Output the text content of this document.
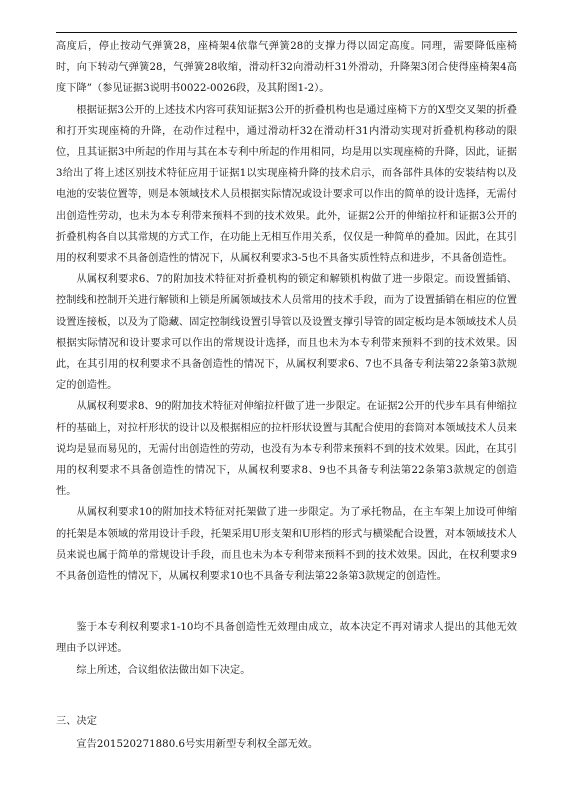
高度后，停止按动气弹簧28，座椅架4依靠气弹簧28的支撑力得以固定高度。同理，需要降低座椅时，向下转动气弹簧28，气弹簧28收缩，滑动杆32向滑动杆31外滑动，升降架3闭合使得座椅架4高度下降”（参见证据3说明书0022-0026段，及其附图1-2）。

根据证据3公开的上述技术内容可获知证据3公开的折叠机构也是通过座椅下方的X型交叉架的折叠和打开实现座椅的升降，在动作过程中，通过滑动杆32在滑动杆31内滑动实现对折叠机构移动的限位，且其证据3中所起的作用与其在本专利中所起的作用相同，均是用以实现座椅的升降，因此，证据3给出了将上述区别技术特征应用于证据1以实现座椅升降的技术启示，而各部件具体的安装结构以及电池的安装位置等，则是本领域技术人员根据实际情况或设计要求可以作出的简单的设计选择，无需付出创造性劳动，也未为本专利带来预料不到的技术效果。此外，证据2公开的伸缩拉杆和证据3公开的折叠机构各自以其常规的方式工作，在功能上无相互作用关系，仅仅是一种简单的叠加。因此，在其引用的权利要求不具备创造性的情况下，从属权利要求3-5也不具备实质性特点和进步，不具备创造性。

从属权利要求6、7的附加技术特征对折叠机构的锁定和解锁机构做了进一步限定。而设置插销、控制线和控制开关进行解锁和上锁是所属领域技术人员常用的技术手段，而为了设置插销在相应的位置设置连接板，以及为了隐藏、固定控制线设置引导管以及设置支撑引导管的固定板均是本领域技术人员根据实际情况和设计要求可以作出的常规设计选择，而且也未为本专利带来预料不到的技术效果。因此，在其引用的权利要求不具备创造性的情况下，从属权利要求6、7也不具备专利法第22条第3款规定的创造性。

从属权利要求8、9的附加技术特征对伸缩拉杆做了进一步限定。在证据2公开的代步车具有伸缩拉杆的基础上，对拉杆形状的设计以及根据相应的拉杆形状设置与其配合使用的套筒对本领域技术人员来说均是显而易见的，无需付出创造性的劳动，也没有为本专利带来预料不到的技术效果。因此，在其引用的权利要求不具备创造性的情况下，从属权利要求8、9也不具备专利法第22条第3款规定的创造性。

从属权利要求10的附加技术特征对托架做了进一步限定。为了承托物品，在主车架上加设可伸缩的托架是本领域的常用设计手段，托架采用U形支架和U形档的形式与横梁配合设置，对本领域技术人员来说也属于简单的常规设计手段，而且也未为本专利带来预料不到的技术效果。因此，在权利要求9不具备创造性的情况下，从属权利要求10也不具备专利法第22条第3款规定的创造性。

鉴于本专利权利要求1-10均不具备创造性无效理由成立，故本决定不再对请求人提出的其他无效理由予以评述。

综上所述，合议组依法做出如下决定。

三、决定

宣告201520271880.6号实用新型专利权全部无效。
